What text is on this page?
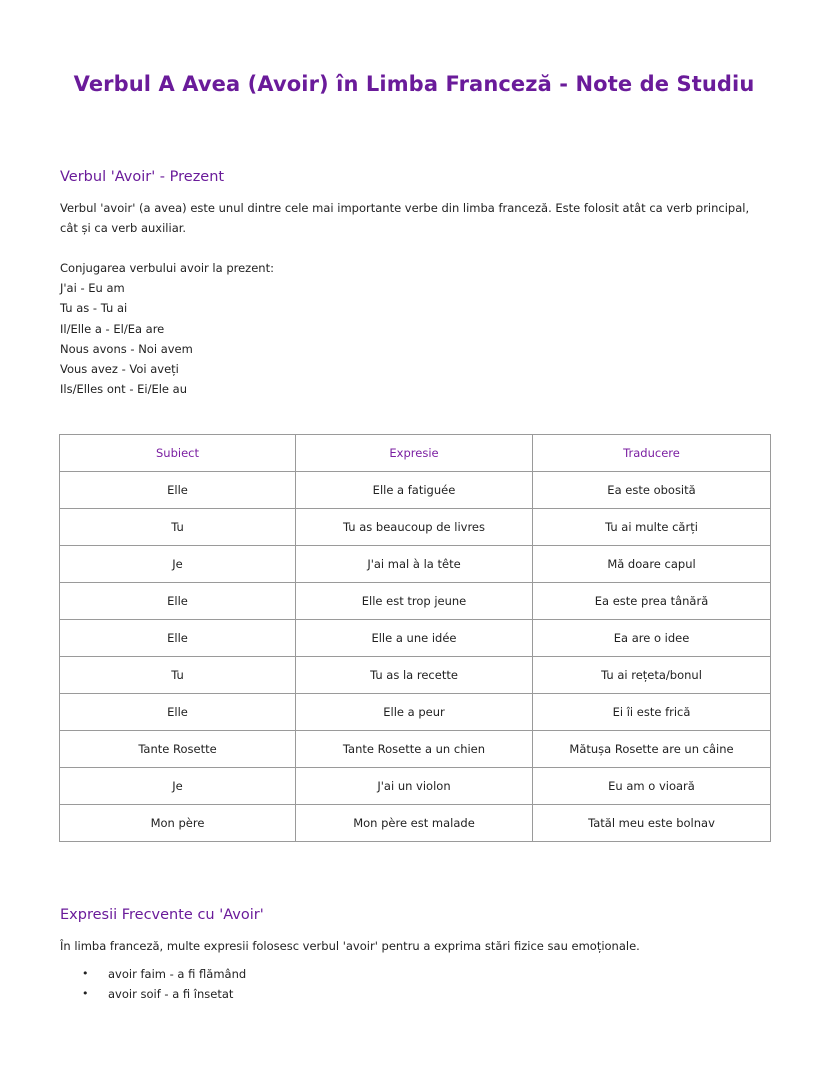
Verbul A Avea (Avoir) în Limba Franceză - Note de Studiu
Verbul 'Avoir' - Prezent

Verbul 'avoir' (a avea) este unul dintre cele mai importante verbe din limba franceză. Este folosit atât ca verb principal, cât și ca verb auxiliar.

Conjugarea verbului avoir la prezent:
J'ai - Eu am
Tu as - Tu ai
Il/Elle a - El/Ea are
Nous avons - Noi avem
Vous avez - Voi aveți
Ils/Elles ont - Ei/Ele au
Subiect	Expresie	Traducere
Elle	Elle a fatiguée	Ea este obosită
Tu	Tu as beaucoup de livres	Tu ai multe cărți
Je	J'ai mal à la tête	Mă doare capul
Elle	Elle est trop jeune	Ea este prea tânără
Elle	Elle a une idée	Ea are o idee
Tu	Tu as la recette	Tu ai rețeta/bonul
Elle	Elle a peur	Ei îi este frică
Tante Rosette	Tante Rosette a un chien	Mătușa Rosette are un câine
Je	J'ai un violon	Eu am o vioară
Mon père	Mon père est malade	Tatăl meu este bolnav
Expresii Frecvente cu 'Avoir'

În limba franceză, multe expresii folosesc verbul 'avoir' pentru a exprima stări fizice sau emoționale.

• avoir faim - a fi flămând
• avoir soif - a fi însetat
